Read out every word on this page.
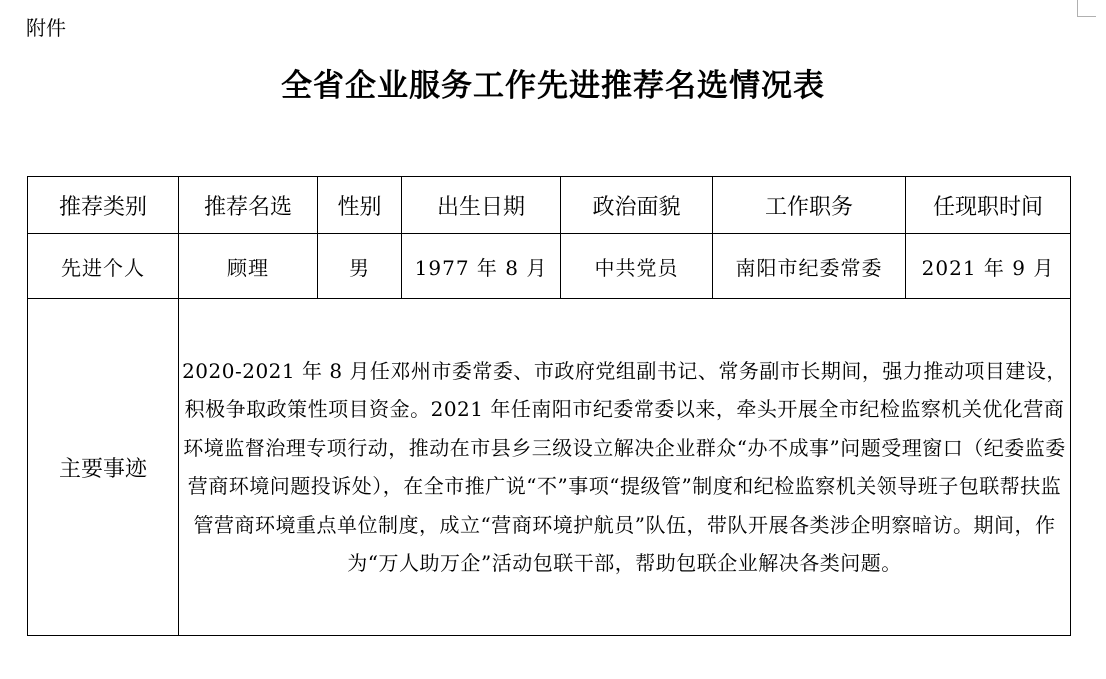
附件
全省企业服务工作先进推荐名选情况表
推荐类别	推荐名选	性别	出生日期	政治面貌	工作职务	任现职时间
先进个人	顾理	男	1977 年 8 月	中共党员	南阳市纪委常委	2021 年 9 月
主要事迹	2020-2021 年 8 月任邓州市委常委、市政府党组副书记、常务副市长期间，强力推动项目建设，积极争取政策性项目资金。2021 年任南阳市纪委常委以来，牵头开展全市纪检监察机关优化营商环境监督治理专项行动，推动在市县乡三级设立解决企业群众“办不成事”问题受理窗口（纪委监委营商环境问题投诉处），在全市推广说“不”事项“提级管”制度和纪检监察机关领导班子包联帮扶监管营商环境重点单位制度，成立“营商环境护航员”队伍，带队开展各类涉企明察暗访。期间，作为“万人助万企”活动包联干部，帮助包联企业解决各类问题。					
